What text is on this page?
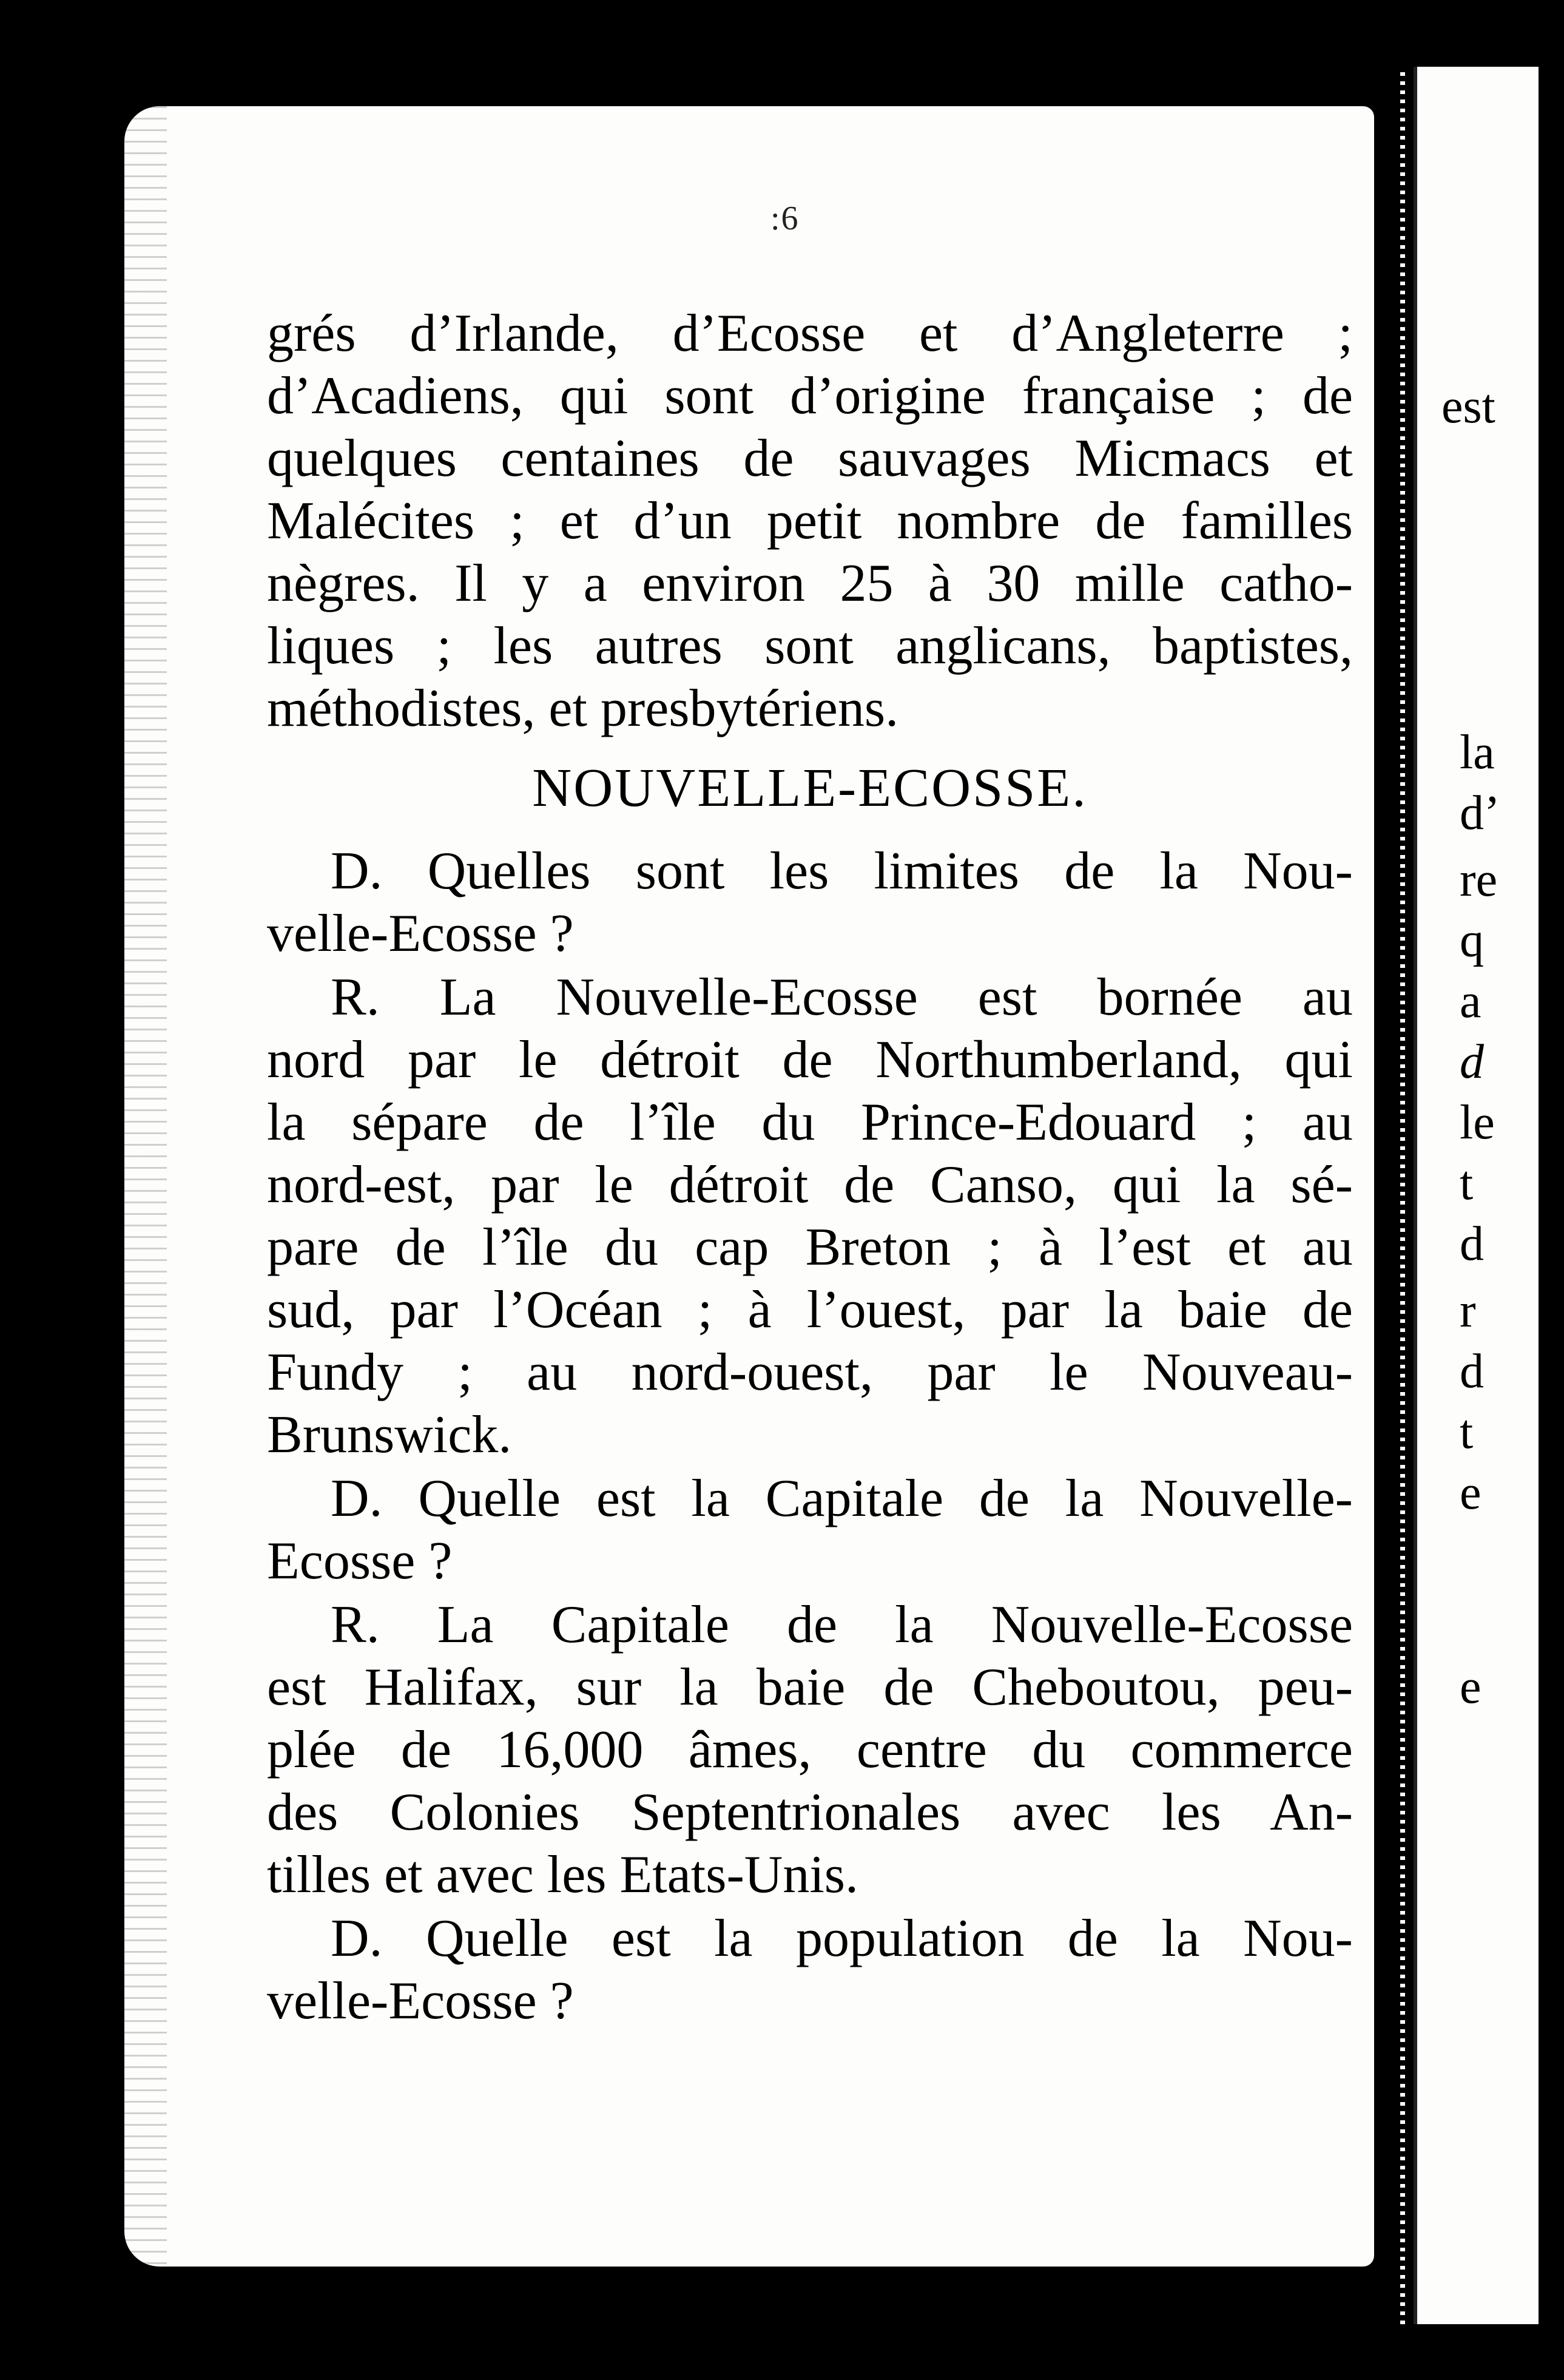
:6
grés d’Irlande, d’Ecosse et d’Angleterre ;
d’Acadiens, qui sont d’origine française ; de
quelques centaines de sauvages Micmacs et
Malécites ; et d’un petit nombre de familles
nègres. Il y a environ 25 à 30 mille catho-
liques ; les autres sont anglicans, baptistes,
méthodistes, et presbytériens.
NOUVELLE-ECOSSE.
D. Quelles sont les limites de la Nou-
velle-Ecosse ?
R. La Nouvelle-Ecosse est bornée au
nord par le détroit de Northumberland, qui
la sépare de l’île du Prince-Edouard ; au
nord-est, par le détroit de Canso, qui la sé-
pare de l’île du cap Breton ; à l’est et au
sud, par l’Océan ; à l’ouest, par la baie de
Fundy ; au nord-ouest, par le Nouveau-
Brunswick.
D. Quelle est la Capitale de la Nouvelle-
Ecosse ?
R. La Capitale de la Nouvelle-Ecosse
est Halifax, sur la baie de Cheboutou, peu-
plée de 16,000 âmes, centre du commerce
des Colonies Septentrionales avec les An-
tilles et avec les Etats-Unis.
D. Quelle est la population de la Nou-
velle-Ecosse ?
est
la
d’
re
q
a
d
le
t
d
r
d
t
e
e
